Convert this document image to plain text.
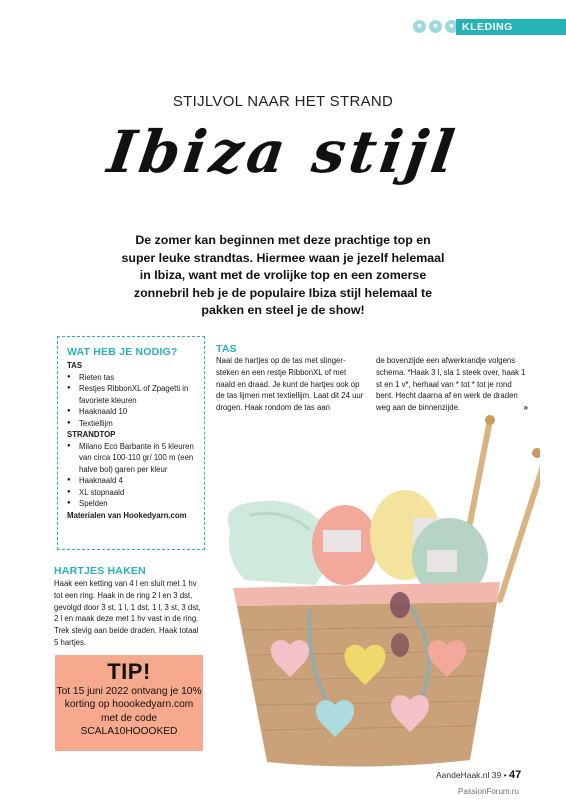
●	●	● KLEDING
STIJLVOL NAAR HET STRAND
Ibiza stijl
De zomer kan beginnen met deze prachtige top en super leuke strandtas. Hiermee waan je jezelf helemaal in Ibiza, want met de vrolijke top en een zomerse zonnebril heb je de populaire Ibiza stijl helemaal te pakken en steel je de show!
WAT HEB JE NODIG?
TAS
● Rieten tas
● Restjes RibbonXL of Zpagetti in favoriete kleuren
● Haaknaald 10
● Textiellijm
STRANDTOP
● Milano Eco Barbante in 5 kleuren van circa 100-110 gr/ 100 m (een halve bol) garen per kleur
● Haaknaald 4
● XL stopnaald
● Spelden
Materialen van Hookedyarn.com
HARTJES HAKEN
Haak een ketting van 4 l en sluit met 1 hv tot een ring. Haak in de ring 2 l en 3 dst, gevolgd door 3 st, 1 l, 1 dst, 1 l, 3 st, 3 dst, 2 l en maak deze met 1 hv vast in de ring. Trek stevig aan beide draden. Haak totaal 5 hartjes.
TIP!
Tot 15 juni 2022 ontvang je 10% korting op hoookedyarn.com met de code SCALA10HOOOKED
TAS
Naai de hartjes op de tas met slinger-steken en een restje RibbonXL of met naald en draad. Je kunt de hartjes ook op de tas lijmen met textiellijm. Laat dit 24 uur drogen. Haak rondom de tas aan
de bovenzijde een afwerkrandje volgens schema. *Haak 3 l, sla 1 steek over, haak 1 st en 1 v*, herhaal van * tot * tot je rond bent. Hecht daarna af en werk de draden weg aan de binnenzijde.	»
AandeHaak.nl 39 • 47
PassionForum.ru
